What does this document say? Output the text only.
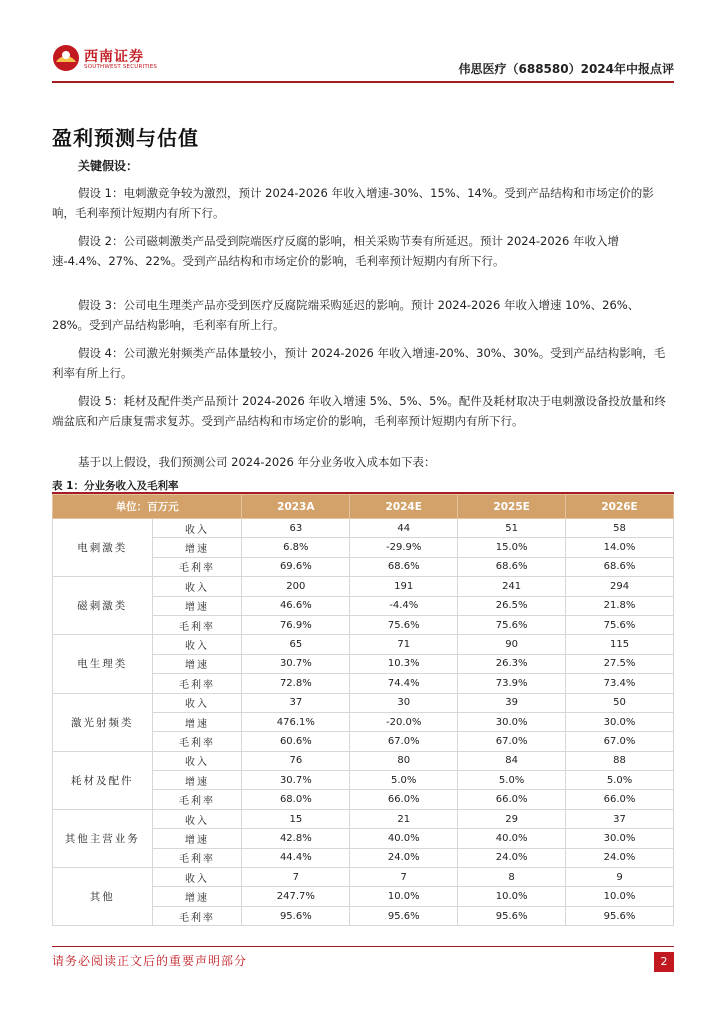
西南证券
SOUTHWEST SECURITIES	伟思医疗（688580）2024年中报点评
盈利预测与估值
关键假设：
假设 1：电刺激竞争较为激烈，预计 2024-2026 年收入增速-30%、15%、14%。受到产品结构和市场定价的影响，毛利率预计短期内有所下行。
假设 2：公司磁刺激类产品受到院端医疗反腐的影响，相关采购节奏有所延迟。预计 2024-2026 年收入增速-4.4%、27%、22%。受到产品结构和市场定价的影响，毛利率预计短期内有所下行。
假设 3：公司电生理类产品亦受到医疗反腐院端采购延迟的影响。预计 2024-2026 年收入增速 10%、26%、28%。受到产品结构影响，毛利率有所上行。
假设 4：公司激光射频类产品体量较小，预计 2024-2026 年收入增速-20%、30%、30%。受到产品结构影响，毛利率有所上行。
假设 5：耗材及配件类产品预计 2024-2026 年收入增速 5%、5%、5%。配件及耗材取决于电刺激设备投放量和终端盆底和产后康复需求复苏。受到产品结构和市场定价的影响，毛利率预计短期内有所下行。
基于以上假设，我们预测公司 2024-2026 年分业务收入成本如下表：
表 1：分业务收入及毛利率
单位：百万元		2023A	2024E	2025E	2026E
电刺激类	收入	63	44	51	58
	增速	6.8%	-29.9%	15.0%	14.0%
	毛利率	69.6%	68.6%	68.6%	68.6%
磁刺激类	收入	200	191	241	294
	增速	46.6%	-4.4%	26.5%	21.8%
	毛利率	76.9%	75.6%	75.6%	75.6%
电生理类	收入	65	71	90	115
	增速	30.7%	10.3%	26.3%	27.5%
	毛利率	72.8%	74.4%	73.9%	73.4%
激光射频类	收入	37	30	39	50
	增速	476.1%	-20.0%	30.0%	30.0%
	毛利率	60.6%	67.0%	67.0%	67.0%
耗材及配件	收入	76	80	84	88
	增速	30.7%	5.0%	5.0%	5.0%
	毛利率	68.0%	66.0%	66.0%	66.0%
其他主营业务	收入	15	21	29	37
	增速	42.8%	40.0%	40.0%	30.0%
	毛利率	44.4%	24.0%	24.0%	24.0%
其他	收入	7	7	8	9
	增速	247.7%	10.0%	10.0%	10.0%
	毛利率	95.6%	95.6%	95.6%	95.6%
请务必阅读正文后的重要声明部分	2
